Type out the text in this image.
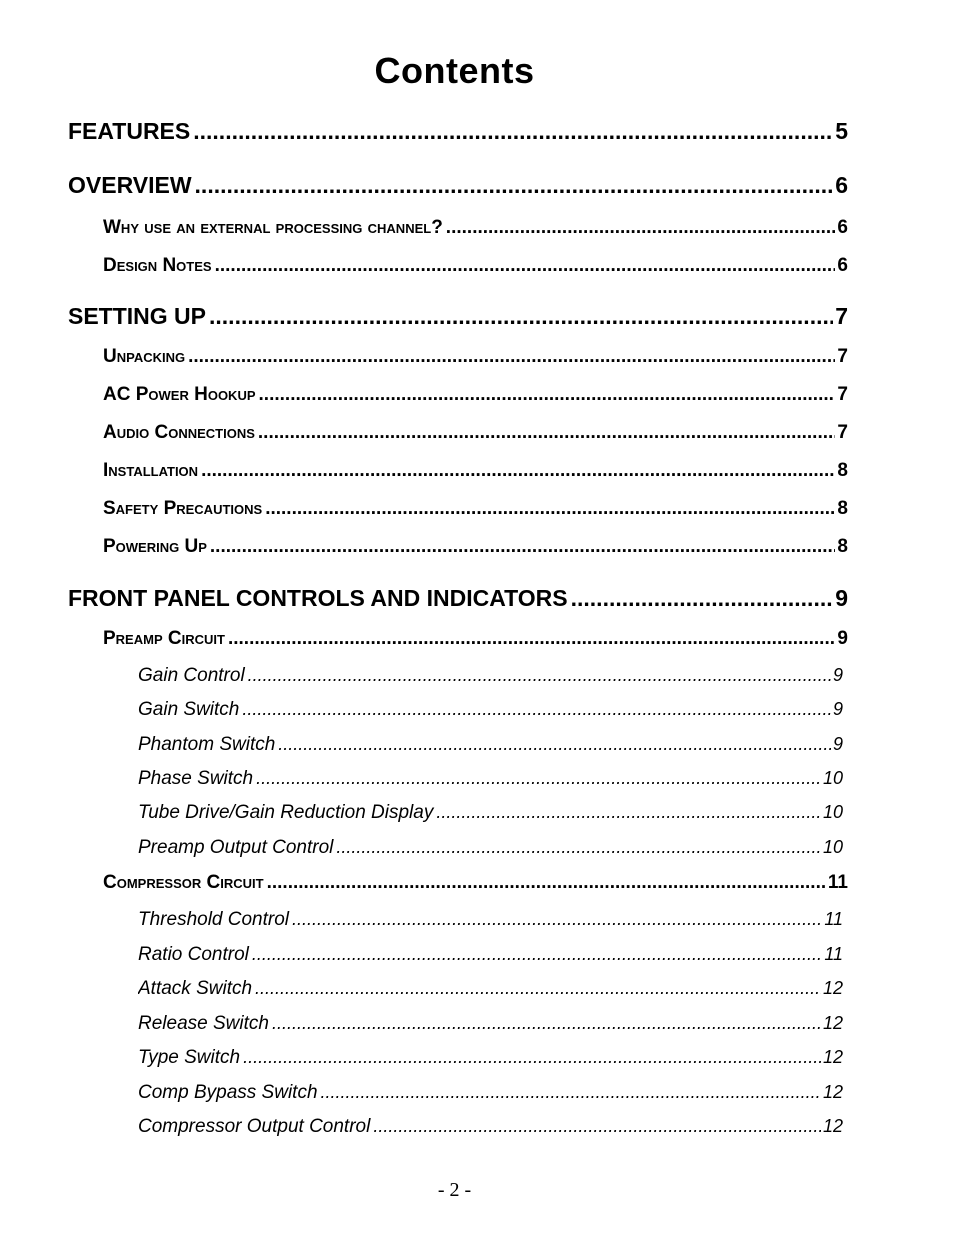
Contents
FEATURES .....	5
OVERVIEW .....	6
Why use an external processing channel? .....	6
Design Notes .....	6
SETTING UP .....	7
Unpacking .....	7
AC Power Hookup .....	7
Audio Connections .....	7
Installation .....	8
Safety Precautions .....	8
Powering Up .....	8
FRONT PANEL CONTROLS AND INDICATORS .....	9
Preamp Circuit .....	9
Gain Control .....	9
Gain Switch .....	9
Phantom Switch .....	9
Phase Switch .....	10
Tube Drive/Gain Reduction Display .....	10
Preamp Output Control .....	10
Compressor Circuit .....	11
Threshold Control .....	11
Ratio Control .....	11
Attack Switch .....	12
Release Switch .....	12
Type Switch .....	12
Comp Bypass Switch .....	12
Compressor Output Control .....	12
- 2 -
